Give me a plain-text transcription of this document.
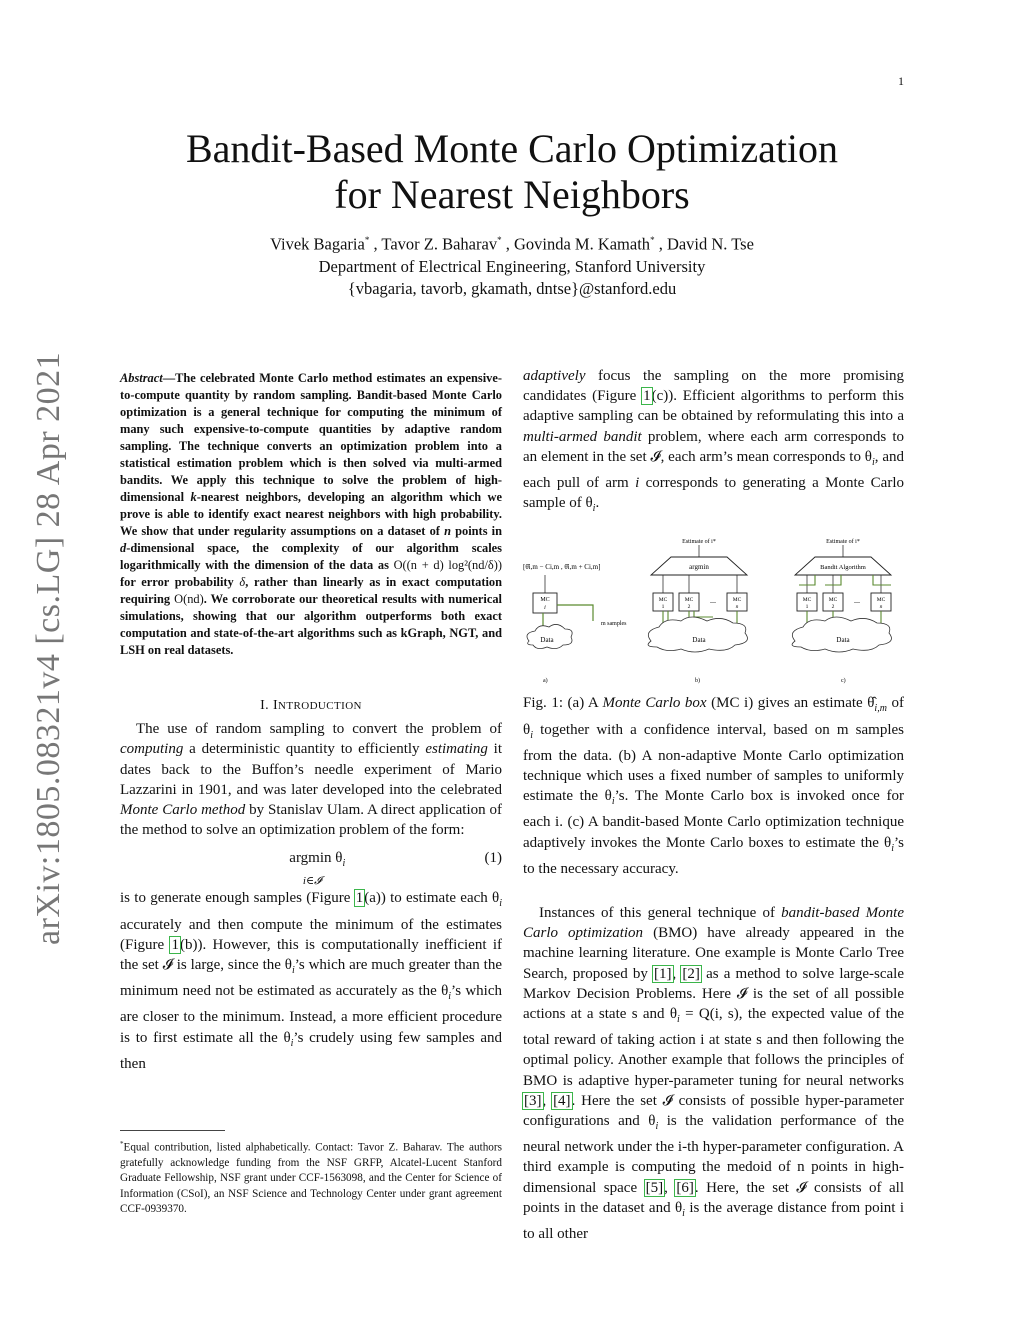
1
arXiv:1805.08321v4 [cs.LG] 28 Apr 2021
Bandit-Based Monte Carlo Optimization
for Nearest Neighbors
Vivek Bagaria* , Tavor Z. Baharav* , Govinda M. Kamath* , David N. Tse
Department of Electrical Engineering, Stanford University
{vbagaria, tavorb, gkamath, dntse}@stanford.edu

Abstract—The celebrated Monte Carlo method estimates an expensive-to-compute quantity by random sampling. Bandit-based Monte Carlo optimization is a general technique for computing the minimum of many such expensive-to-compute quantities by adaptive random sampling. The technique converts an optimization problem into a statistical estimation problem which is then solved via multi-armed bandits. We apply this technique to solve the problem of high-dimensional k-nearest neighbors, developing an algorithm which we prove is able to identify exact nearest neighbors with high probability. We show that under regularity assumptions on a dataset of n points in d-dimensional space, the complexity of our algorithm scales logarithmically with the dimension of the data as O((n + d) log²(nd/δ)) for error probability δ, rather than linearly as in exact computation requiring O(nd). We corroborate our theoretical results with numerical simulations, showing that our algorithm outperforms both exact computation and state-of-the-art algorithms such as kGraph, NGT, and LSH on real datasets.

I. INTRODUCTION

The use of random sampling to convert the problem of computing a deterministic quantity to efficiently estimating it dates back to the Buffon’s needle experiment of Mario Lazzarini in 1901, and was later developed into the celebrated Monte Carlo method by Stanislav Ulam. A direct application of the method to solve an optimization problem of the form:

argmin $\theta_i$
i∈𝓘
(1)

is to generate enough samples (Figure 1(a)) to estimate each $\theta_i$ accurately and then compute the minimum of the estimates (Figure 1(b)). However, this is computationally inefficient if the set 𝓘 is large, since the $\theta_i’s$ which are much greater than the minimum need not be estimated as accurately as the $\theta_i’s$ which are closer to the minimum. Instead, a more efficient procedure is to first estimate all the $\theta_i’s$ crudely using few samples and then

*Equal contribution, listed alphabetically. Contact: Tavor Z. Baharav. The authors gratefully acknowledge funding from the NSF GRFP, Alcatel-Lucent Stanford Graduate Fellowship, NSF grant under CCF-1563098, and the Center for Science of Information (CSoI), an NSF Science and Technology Center under grant agreement CCF-0939370.

adaptively focus the sampling on the more promising candidates (Figure 1(c)). Efficient algorithms to perform this adaptive sampling can be obtained by reformulating this into a multi-armed bandit problem, where each arm corresponds to an element in the set 𝓘, each arm’s mean corresponds to $\theta_i$, and each pull of arm i corresponds to generating a Monte Carlo sample of $\theta_i$.

[θ̂i,m − Ci,m , θ̂i,m + Ci,m]
MC
i
m samples
Data
a)
Estimate of i*
argmin
MC
1
MC
2
...	MC
n
Data
b)
Estimate of i*
Bandit Algorithm
MC
1
MC
2
...	MC
n
Data
c)

Fig. 1: (a) A Monte Carlo box (MC i) gives an estimate $\thetâ_{i,m}$ of $\theta_i$ together with a confidence interval, based on m samples from the data. (b) A non-adaptive Monte Carlo optimization technique which uses a fixed number of samples to uniformly estimate the $\theta_i’s$. The Monte Carlo box is invoked once for each i. (c) A bandit-based Monte Carlo optimization technique adaptively invokes the Monte Carlo boxes to estimate the $\theta_i’s$ to the necessary accuracy.

Instances of this general technique of bandit-based Monte Carlo optimization (BMO) have already appeared in the machine learning literature. One example is Monte Carlo Tree Search, proposed by [1], [2] as a method to solve large-scale Markov Decision Problems. Here 𝓘 is the set of all possible actions at a state s and $\theta_i = Q(i$, s), the expected value of the total reward of taking action i at state s and then following the optimal policy. Another example that follows the principles of BMO is adaptive hyper-parameter tuning for neural networks [3], [4]. Here the set 𝓘 consists of possible hyper-parameter configurations and $\theta_i$ is the validation performance of the neural network under the i-th hyper-parameter configuration. A third example is computing the medoid of n points in high-dimensional space [5], [6]. Here, the set 𝓘 consists of all points in the dataset and $\theta_i$ is the average distance from point i to all other
